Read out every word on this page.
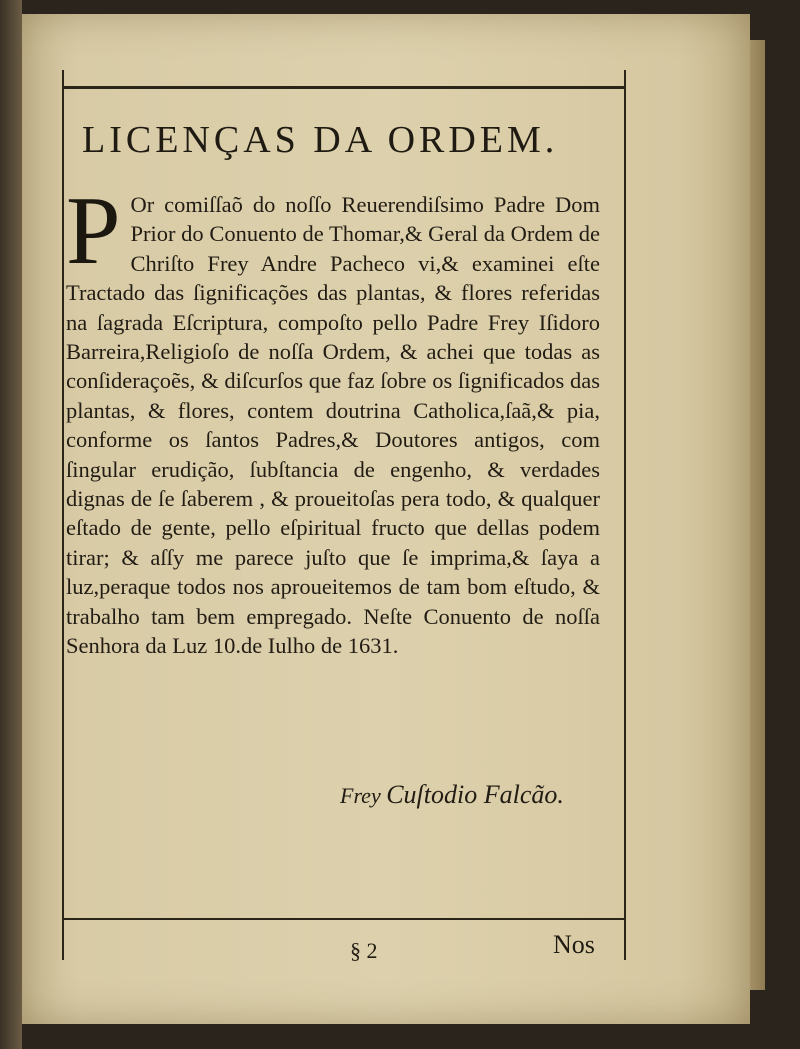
LICENÇAS DA ORDEM.
P Or comiſſaõ do noſſo Reuerendiſsimo Padre Dom Prior do Conuento de Thomar,& Geral da Ordem de Chriſto Frey Andre Pacheco vi,& examinei eſte Tractado das ſignificações das plantas, & flores referidas na ſagrada Eſcriptura, compoſto pello Padre Frey Iſidoro Barreira,Religioſo de noſſa Ordem, & achei que todas as conſideraçoẽs, & diſcurſos que faz ſobre os ſignificados das plantas, & flores, contem doutrina Catholica,ſaã,& pia, conforme os ſantos Padres,& Doutores antigos, com ſingular erudição, ſubſtancia de engenho, & verdades dignas de ſe ſaberem , & proueitoſas pera todo, & qualquer eſtado de gente, pello eſpiritual fructo que dellas podem tirar; & aſſy me parece juſto que ſe imprima,& ſaya a luz,peraque todos nos aproueitemos de tam bom eſtudo, & trabalho tam bem empregado. Neſte Conuento de noſſa Senhora da Luz 10.de Iulho de 1631.
Frey Cuſtodio Falcão.
§ 2	Nos
